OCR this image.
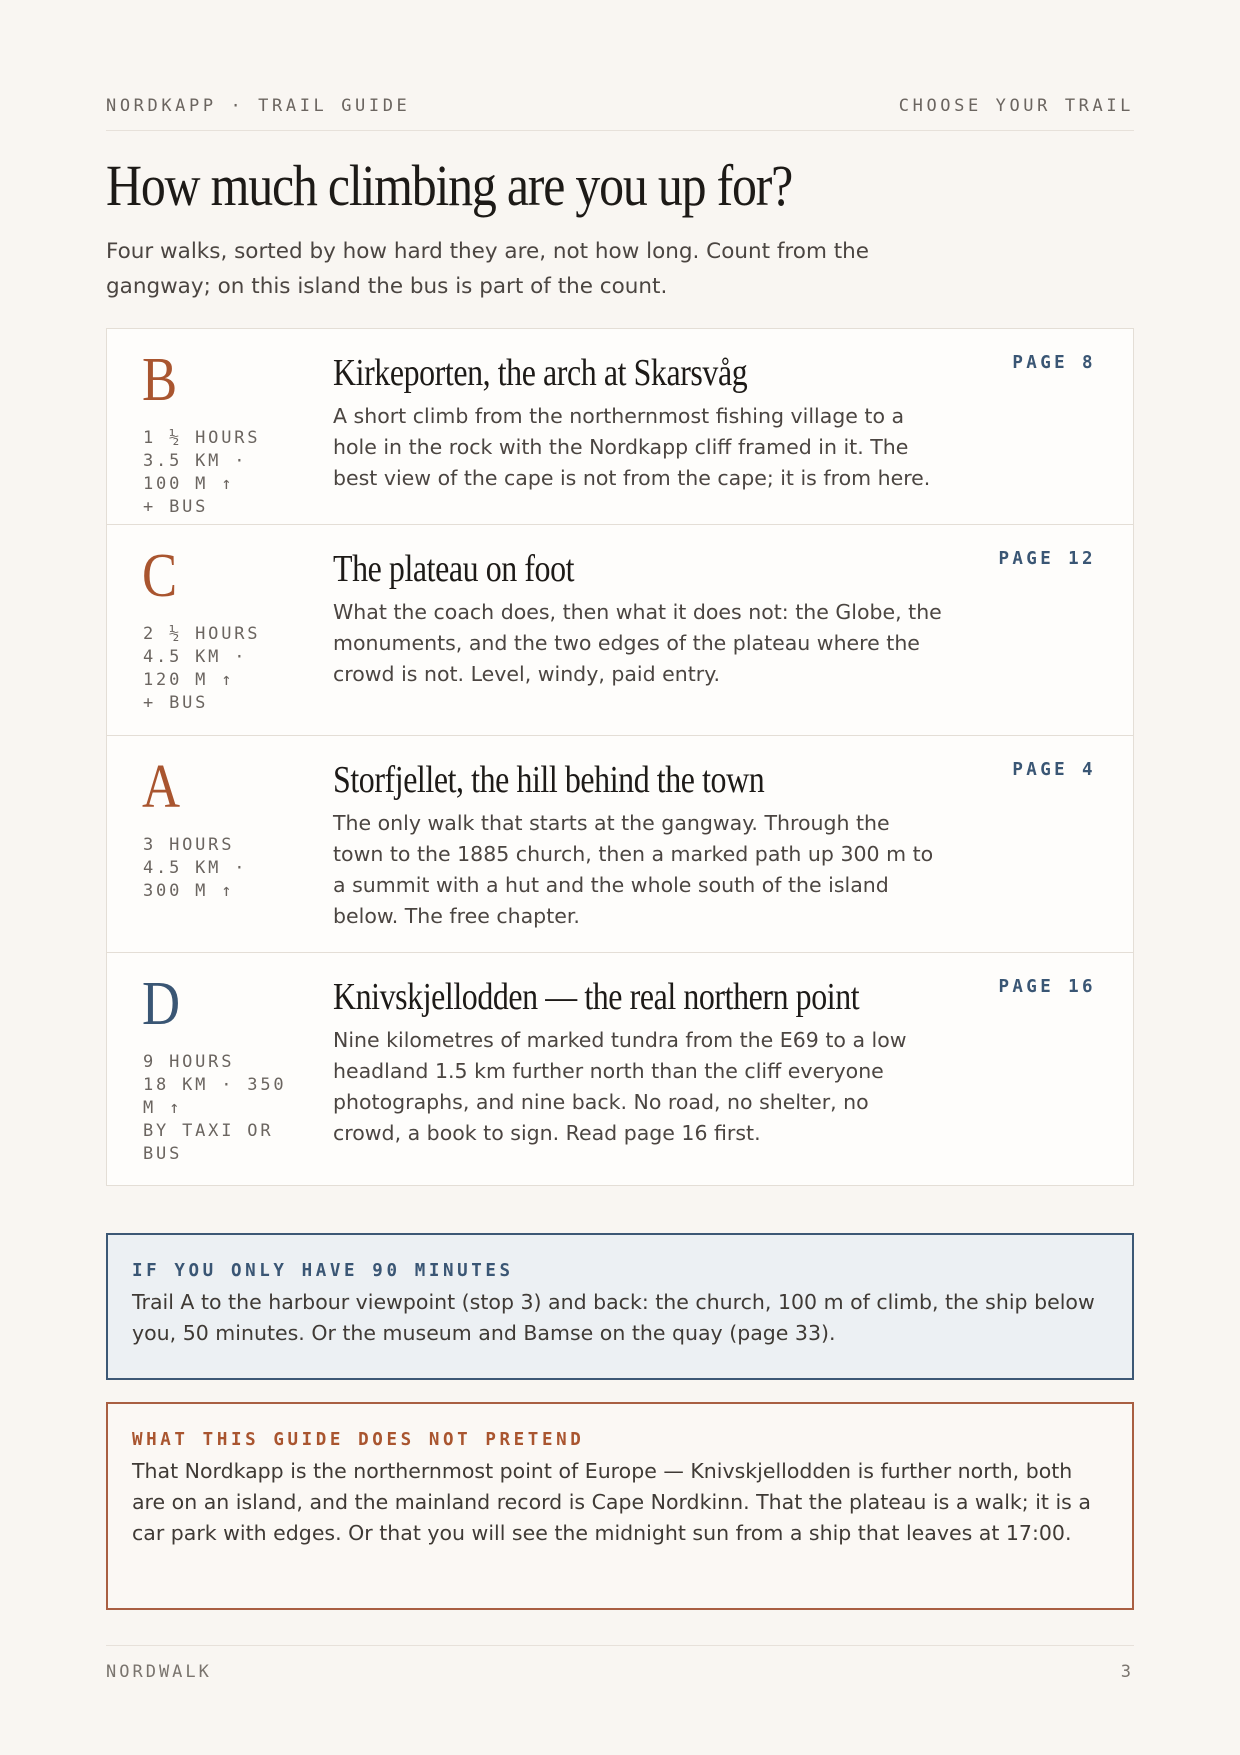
NORDKAPP · TRAIL GUIDE	CHOOSE YOUR TRAIL
How much climbing are you up for?

Four walks, sorted by how hard they are, not how long. Count from the gangway; on this island the bus is part of the count.

B
1 ½ HOURS
3.5 KM ·
100 M ↑
+ BUS
Kirkeporten, the arch at Skarsvåg

A short climb from the northernmost fishing village to a hole in the rock with the Nordkapp cliff framed in it. The best view of the cape is not from the cape; it is from here.

PAGE 8
C
2 ½ HOURS
4.5 KM ·
120 M ↑
+ BUS
The plateau on foot

What the coach does, then what it does not: the Globe, the monuments, and the two edges of the plateau where the crowd is not. Level, windy, paid entry.

PAGE 12
A
3 HOURS
4.5 KM ·
300 M ↑
Storfjellet, the hill behind the town

The only walk that starts at the gangway. Through the town to the 1885 church, then a marked path up 300 m to a summit with a hut and the whole south of the island below. The free chapter.

PAGE 4
D
9 HOURS
18 KM · 350 M ↑
BY TAXI OR BUS
Knivskjellodden — the real northern point

Nine kilometres of marked tundra from the E69 to a low headland 1.5 km further north than the cliff everyone photographs, and nine back. No road, no shelter, no crowd, a book to sign. Read page 16 first.

PAGE 16
IF YOU ONLY HAVE 90 MINUTES
Trail A to the harbour viewpoint (stop 3) and back: the church, 100 m of climb, the ship below you, 50 minutes. Or the museum and Bamse on the quay (page 33).
WHAT THIS GUIDE DOES NOT PRETEND
That Nordkapp is the northernmost point of Europe — Knivskjellodden is further north, both are on an island, and the mainland record is Cape Nordkinn. That the plateau is a walk; it is a car park with edges. Or that you will see the midnight sun from a ship that leaves at 17:00.
NORDWALK	3
